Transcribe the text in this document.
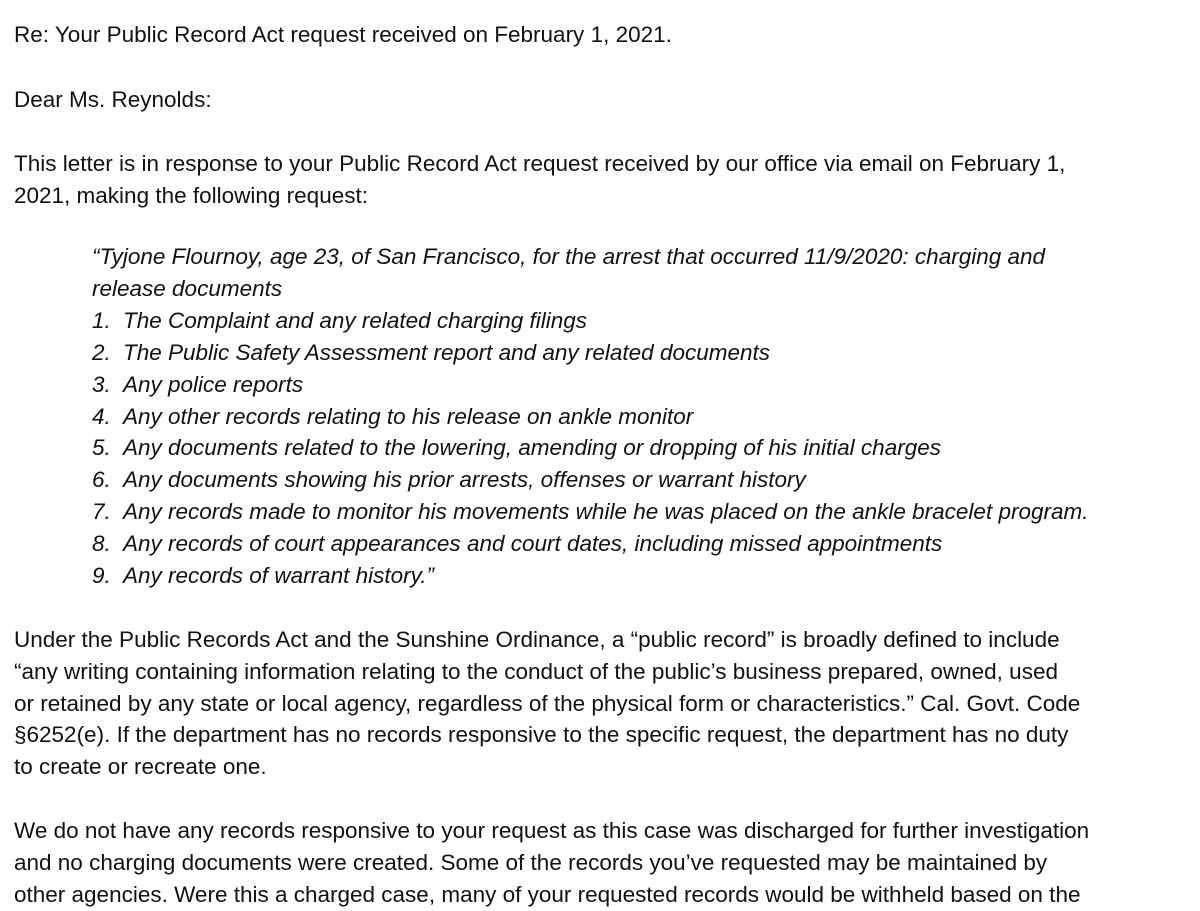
Re: Your Public Record Act request received on February 1, 2021.
Dear Ms. Reynolds:
This letter is in response to your Public Record Act request received by our office via email on February 1,
2021, making the following request:
“Tyjone Flournoy, age 23, of San Francisco, for the arrest that occurred 11/9/2020: charging and
release documents
1. The Complaint and any related charging filings
2. The Public Safety Assessment report and any related documents
3. Any police reports
4. Any other records relating to his release on ankle monitor
5. Any documents related to the lowering, amending or dropping of his initial charges
6. Any documents showing his prior arrests, offenses or warrant history
7. Any records made to monitor his movements while he was placed on the ankle bracelet program.
8. Any records of court appearances and court dates, including missed appointments
9. Any records of warrant history.”
Under the Public Records Act and the Sunshine Ordinance, a “public record” is broadly defined to include
“any writing containing information relating to the conduct of the public’s business prepared, owned, used
or retained by any state or local agency, regardless of the physical form or characteristics.” Cal. Govt. Code
§6252(e). If the department has no records responsive to the specific request, the department has no duty
to create or recreate one.
We do not have any records responsive to your request as this case was discharged for further investigation
and no charging documents were created. Some of the records you’ve requested may be maintained by
other agencies. Were this a charged case, many of your requested records would be withheld based on the
